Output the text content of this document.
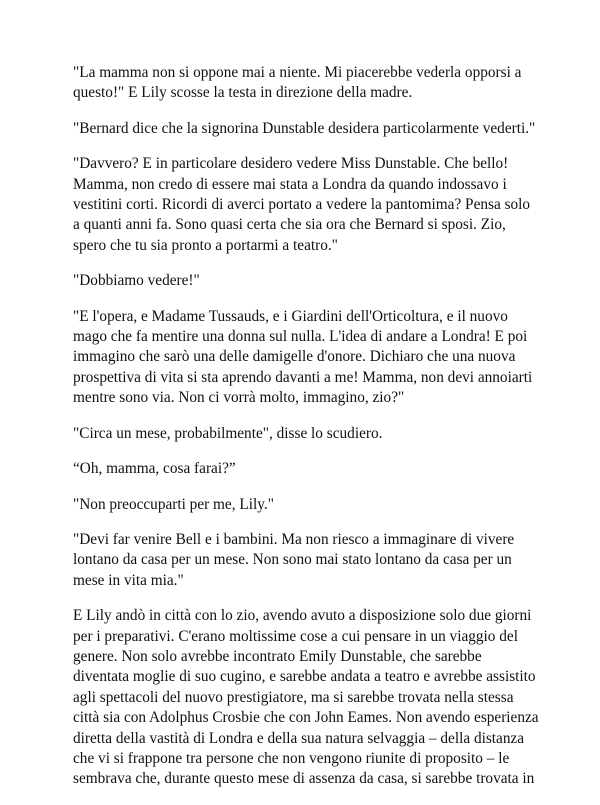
"La mamma non si oppone mai a niente. Mi piacerebbe vederla opporsi a
questo!" E Lily scosse la testa in direzione della madre.

"Bernard dice che la signorina Dunstable desidera particolarmente vederti."

"Davvero? E in particolare desidero vedere Miss Dunstable. Che bello!
Mamma, non credo di essere mai stata a Londra da quando indossavo i
vestitini corti. Ricordi di averci portato a vedere la pantomima? Pensa solo
a quanti anni fa. Sono quasi certa che sia ora che Bernard si sposi. Zio,
spero che tu sia pronto a portarmi a teatro."

"Dobbiamo vedere!"

"E l'opera, e Madame Tussauds, e i Giardini dell'Orticoltura, e il nuovo
mago che fa mentire una donna sul nulla. L'idea di andare a Londra! E poi
immagino che sarò una delle damigelle d'onore. Dichiaro che una nuova
prospettiva di vita si sta aprendo davanti a me! Mamma, non devi annoiarti
mentre sono via. Non ci vorrà molto, immagino, zio?"

"Circa un mese, probabilmente", disse lo scudiero.

“Oh, mamma, cosa farai?”

"Non preoccuparti per me, Lily."

"Devi far venire Bell e i bambini. Ma non riesco a immaginare di vivere
lontano da casa per un mese. Non sono mai stato lontano da casa per un
mese in vita mia."

E Lily andò in città con lo zio, avendo avuto a disposizione solo due giorni
per i preparativi. C'erano moltissime cose a cui pensare in un viaggio del
genere. Non solo avrebbe incontrato Emily Dunstable, che sarebbe
diventata moglie di suo cugino, e sarebbe andata a teatro e avrebbe assistito
agli spettacoli del nuovo prestigiatore, ma si sarebbe trovata nella stessa
città sia con Adolphus Crosbie che con John Eames. Non avendo esperienza
diretta della vastità di Londra e della sua natura selvaggia – della distanza
che vi si frappone tra persone che non vengono riunite di proposito – le
sembrava che, durante questo mese di assenza da casa, si sarebbe trovata in
